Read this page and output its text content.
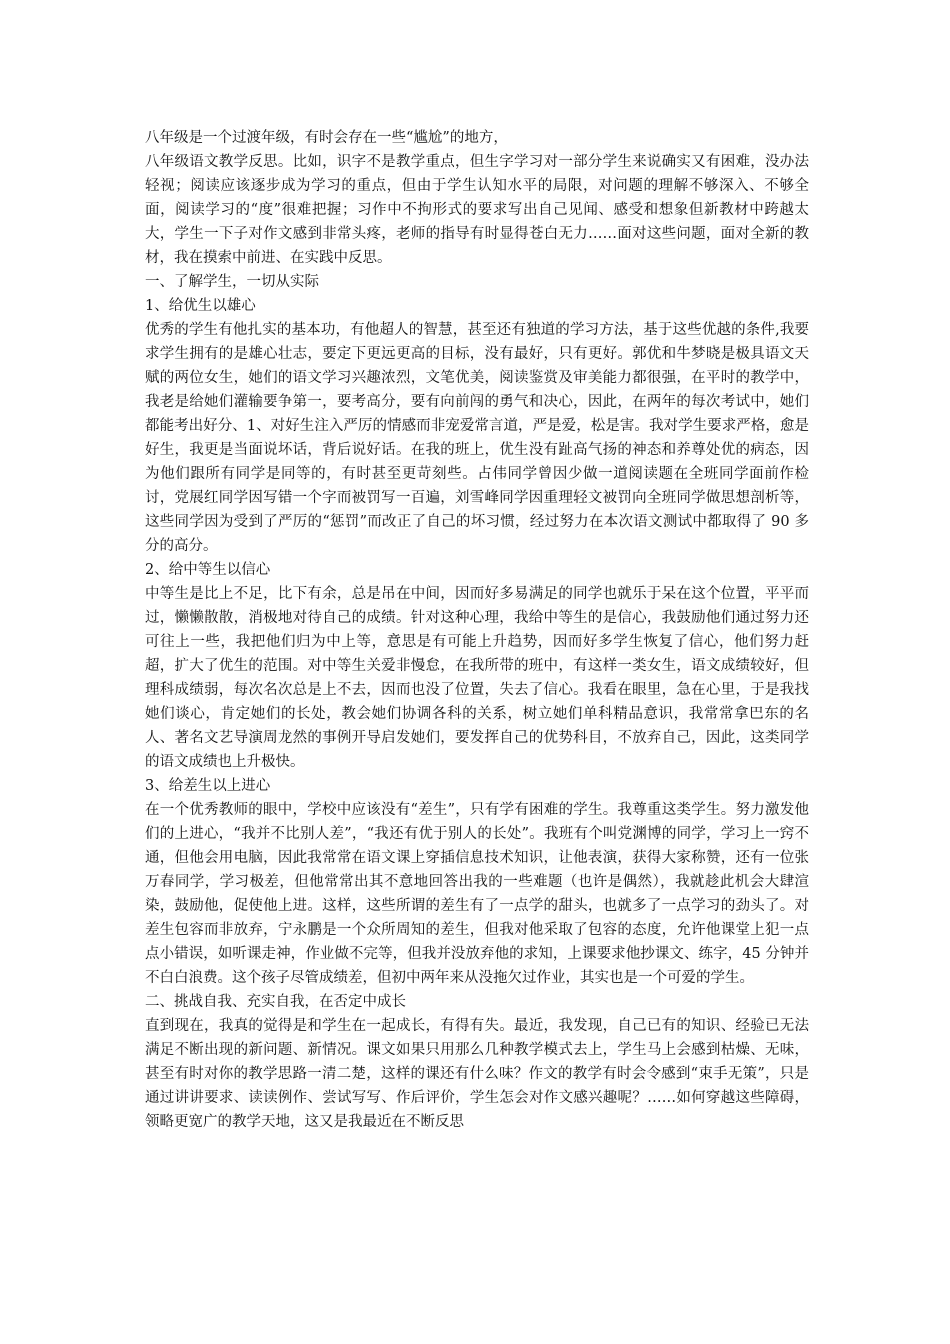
八年级是一个过渡年级，有时会存在一些“尴尬”的地方，

八年级语文教学反思。比如，识字不是教学重点，但生字学习对一部分学生来说确实又有困难，没办法轻视；阅读应该逐步成为学习的重点，但由于学生认知水平的局限，对问题的理解不够深入、不够全面，阅读学习的“度”很难把握；习作中不拘形式的要求写出自己见闻、感受和想象但新教材中跨越太大，学生一下子对作文感到非常头疼，老师的指导有时显得苍白无力……面对这些问题，面对全新的教材，我在摸索中前进、在实践中反思。

一、了解学生，一切从实际

1、给优生以雄心

优秀的学生有他扎实的基本功，有他超人的智慧，甚至还有独道的学习方法，基于这些优越的条件,我要求学生拥有的是雄心壮志，要定下更远更高的目标，没有最好，只有更好。郭优和牛梦晓是极具语文天赋的两位女生，她们的语文学习兴趣浓烈，文笔优美，阅读鉴赏及审美能力都很强，在平时的教学中，我老是给她们灌输要争第一，要考高分，要有向前闯的勇气和决心，因此，在两年的每次考试中，她们都能考出好分、1、对好生注入严厉的情感而非宠爱常言道，严是爱，松是害。我对学生要求严格，愈是好生，我更是当面说坏话，背后说好话。在我的班上，优生没有趾高气扬的神态和养尊处优的病态，因为他们跟所有同学是同等的，有时甚至更苛刻些。占伟同学曾因少做一道阅读题在全班同学面前作检讨，党展红同学因写错一个字而被罚写一百遍，刘雪峰同学因重理轻文被罚向全班同学做思想剖析等，这些同学因为受到了严厉的“惩罚”而改正了自己的坏习惯，经过努力在本次语文测试中都取得了 90 多分的高分。

2、给中等生以信心

中等生是比上不足，比下有余，总是吊在中间，因而好多易满足的同学也就乐于呆在这个位置，平平而过，懒懒散散，消极地对待自己的成绩。针对这种心理，我给中等生的是信心，我鼓励他们通过努力还可往上一些，我把他们归为中上等，意思是有可能上升趋势，因而好多学生恢复了信心，他们努力赶超，扩大了优生的范围。对中等生关爱非慢怠，在我所带的班中，有这样一类女生，语文成绩较好，但理科成绩弱，每次名次总是上不去，因而也没了位置，失去了信心。我看在眼里，急在心里，于是我找她们谈心，肯定她们的长处，教会她们协调各科的关系，树立她们单科精品意识，我常常拿巴东的名人、著名文艺导演周龙然的事例开导启发她们，要发挥自己的优势科目，不放弃自己，因此，这类同学的语文成绩也上升极快。

3、给差生以上进心

在一个优秀教师的眼中，学校中应该没有“差生”，只有学有困难的学生。我尊重这类学生。努力激发他们的上进心，“我并不比别人差”，“我还有优于别人的长处”。我班有个叫党渊博的同学，学习上一窍不通，但他会用电脑，因此我常常在语文课上穿插信息技术知识，让他表演，获得大家称赞，还有一位张万春同学，学习极差，但他常常出其不意地回答出我的一些难题（也许是偶然），我就趁此机会大肆渲染，鼓励他，促使他上进。这样，这些所谓的差生有了一点学的甜头，也就多了一点学习的劲头了。对差生包容而非放弃，宁永鹏是一个众所周知的差生，但我对他采取了包容的态度，允许他课堂上犯一点点小错误，如听课走神，作业做不完等，但我并没放弃他的求知，上课要求他抄课文、练字，45 分钟并不白白浪费。这个孩子尽管成绩差，但初中两年来从没拖欠过作业，其实也是一个可爱的学生。

二、挑战自我、充实自我，在否定中成长

直到现在，我真的觉得是和学生在一起成长，有得有失。最近，我发现，自己已有的知识、经验已无法满足不断出现的新问题、新情况。课文如果只用那么几种教学模式去上，学生马上会感到枯燥、无味，甚至有时对你的教学思路一清二楚，这样的课还有什么味？作文的教学有时会令感到“束手无策”，只是通过讲讲要求、读读例作、尝试写写、作后评价，学生怎会对作文感兴趣呢？……如何穿越这些障碍，领略更宽广的教学天地，这又是我最近在不断反思
